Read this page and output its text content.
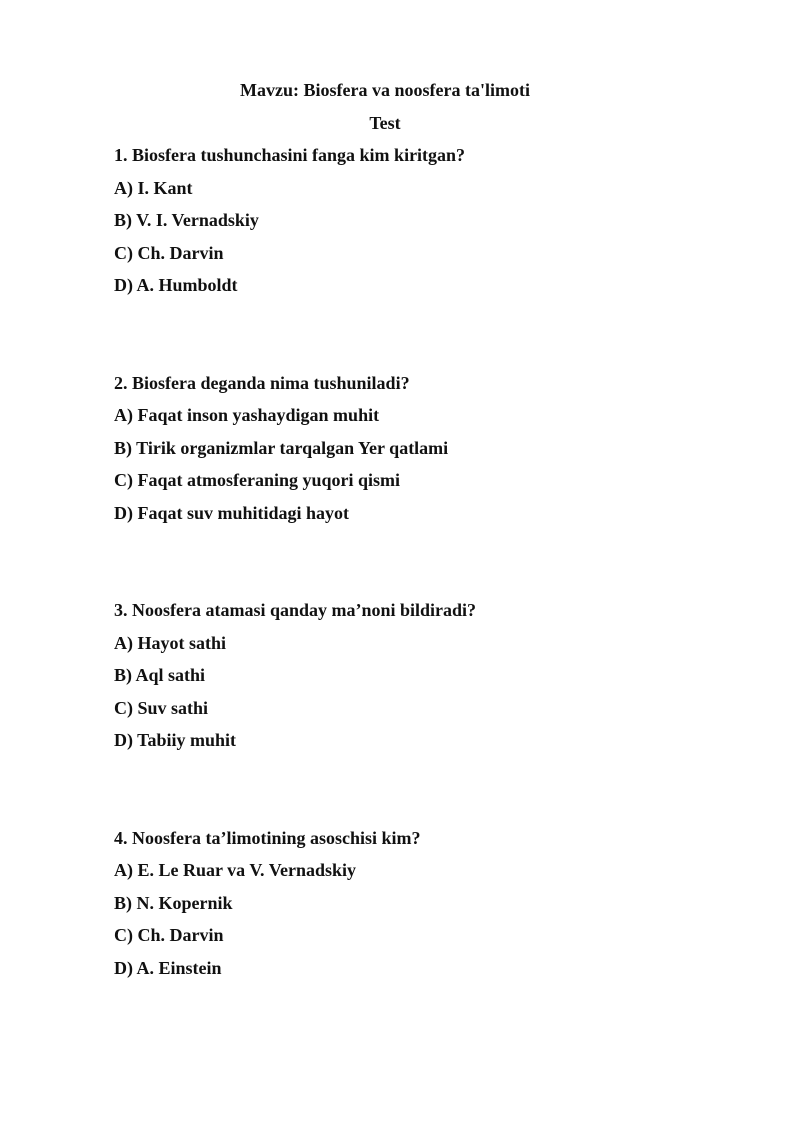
Mavzu: Biosfera va noosfera ta'limoti
Test
1. Biosfera tushunchasini fanga kim kiritgan?
A) I. Kant
B) V. I. Vernadskiy
C) Ch. Darvin
D) A. Humboldt
2. Biosfera deganda nima tushuniladi?
A) Faqat inson yashaydigan muhit
B) Tirik organizmlar tarqalgan Yer qatlami
C) Faqat atmosferaning yuqori qismi
D) Faqat suv muhitidagi hayot
3. Noosfera atamasi qanday ma’noni bildiradi?
A) Hayot sathi
B) Aql sathi
C) Suv sathi
D) Tabiiy muhit
4. Noosfera ta’limotining asoschisi kim?
A) E. Le Ruar va V. Vernadskiy
B) N. Kopernik
C) Ch. Darvin
D) A. Einstein
